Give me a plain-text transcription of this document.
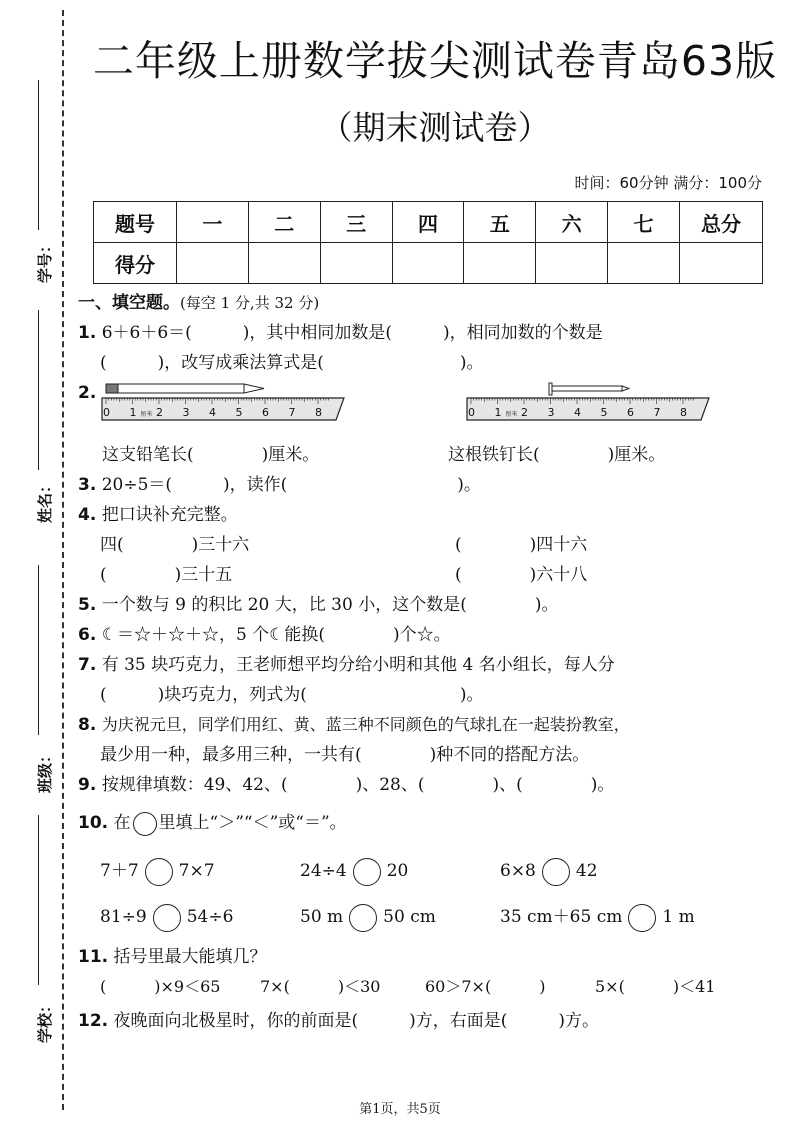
学号：
姓名：
班级：
学校：
二年级上册数学拔尖测试卷青岛63版
（期末测试卷）
时间：60分钟 满分：100分
题号	一	二	三	四	五	六	七	总分
得分								
一、填空题。(每空 1 分,共 32 分)
1. 6＋6＋6＝(　　　)，其中相同加数是(　　　)，相同加数的个数是
(　　　)，改写成乘法算式是(　　　　　　　　)。
2.
0 1 2 3 4 5 6 7 8
厘米	0 1 2 3 4 5 6 7 8
厘米
这支铅笔长(　　　　)厘米。	这根铁钉长(　　　　)厘米。
3. 20÷5＝(　　　)，读作(　　　　　　　　　　)。
4. 把口诀补充完整。
四(　　　　)三十六	(　　　　)四十六
(　　　　)三十五	(　　　　)六十八
5. 一个数与 9 的积比 20 大，比 30 小，这个数是(　　　　)。
6. ☾＝☆＋☆＋☆，5 个☾能换(　　　　)个☆。
7. 有 35 块巧克力，王老师想平均分给小明和其他 4 名小组长，每人分
(　　　)块巧克力，列式为(　　　　　　　　　)。
8. 为庆祝元旦，同学们用红、黄、蓝三种不同颜色的气球扎在一起装扮教室，
最少用一种，最多用三种，一共有(　　　　)种不同的搭配方法。
9. 按规律填数：49、42、(　　　　)、28、(　　　　)、(　　　　)。
10. 在 里填上“＞”“＜”或“＝”。
7＋7 7×7	24÷4 20	6×8 42
81÷9 54÷6	50 m 50 cm	35 cm＋65 cm 1 m
11. 括号里最大能填几？
(　　　)×9＜65	7×(　　　)＜30	60＞7×(　　　)	5×(　　　)＜41
12. 夜晚面向北极星时，你的前面是(　　　)方，右面是(　　　)方。
第1页，共5页
